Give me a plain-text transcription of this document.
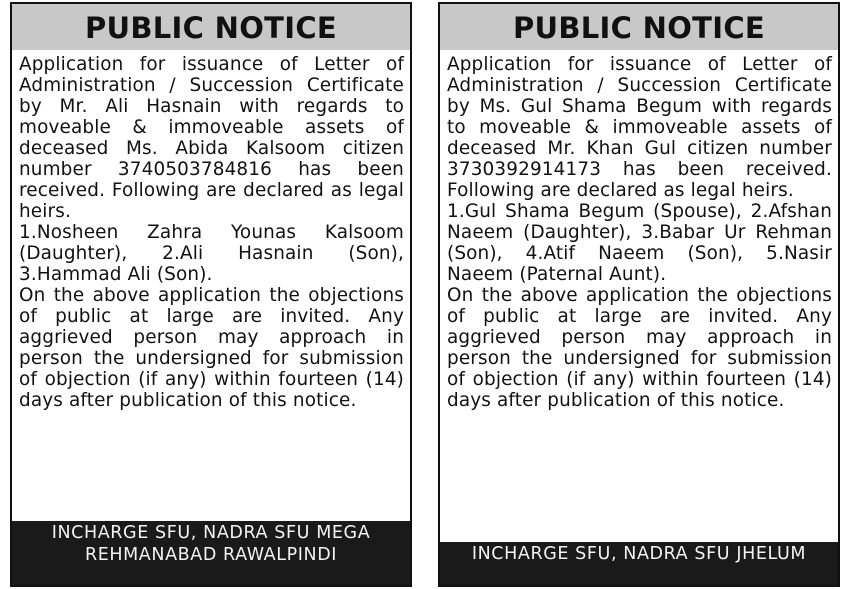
PUBLIC NOTICE

Application for issuance of Letter of Administration / Succession Certificate by Mr. Ali Hasnain with regards to moveable & immoveable assets of deceased Ms. Abida Kalsoom citizen number 3740503784816 has been received. Following are declared as legal heirs.

1.Nosheen Zahra Younas Kalsoom (Daughter), 2.Ali Hasnain (Son), 3.Hammad Ali (Son).

On the above application the objections of public at large are invited. Any aggrieved person may approach in person the undersigned for submission of objection (if any) within fourteen (14) days after publication of this notice.

INCHARGE SFU, NADRA SFU MEGA REHMANABAD RAWALPINDI
PUBLIC NOTICE

Application for issuance of Letter of Administration / Succession Certificate by Ms. Gul Shama Begum with regards to moveable & immoveable assets of deceased Mr. Khan Gul citizen number 3730392914173 has been received. Following are declared as legal heirs.

1.Gul Shama Begum (Spouse), 2.Afshan Naeem (Daughter), 3.Babar Ur Rehman (Son), 4.Atif Naeem (Son), 5.Nasir Naeem (Paternal Aunt).

On the above application the objections of public at large are invited. Any aggrieved person may approach in person the undersigned for submission of objection (if any) within fourteen (14) days after publication of this notice.

INCHARGE SFU, NADRA SFU JHELUM
